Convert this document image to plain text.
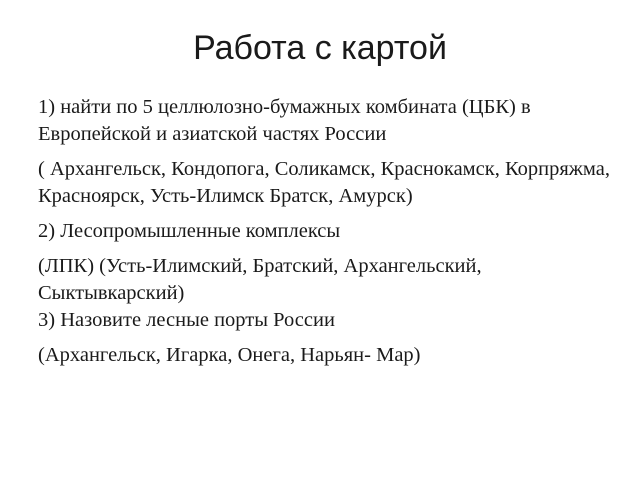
Работа с картой

1) найти по 5 целлюлозно-бумажных комбината (ЦБК) в Европейской и азиатской частях России

( Архангельск, Кондопога, Соликамск, Краснокамск, Корпряжма, Красноярск, Усть-Илимск Братск, Амурск)

2) Лесопромышленные комплексы

(ЛПК) (Усть-Илимский, Братский, Архангельский, Сыктывкарский)

3) Назовите лесные порты России

(Архангельск, Игарка, Онега, Нарьян- Мар)
